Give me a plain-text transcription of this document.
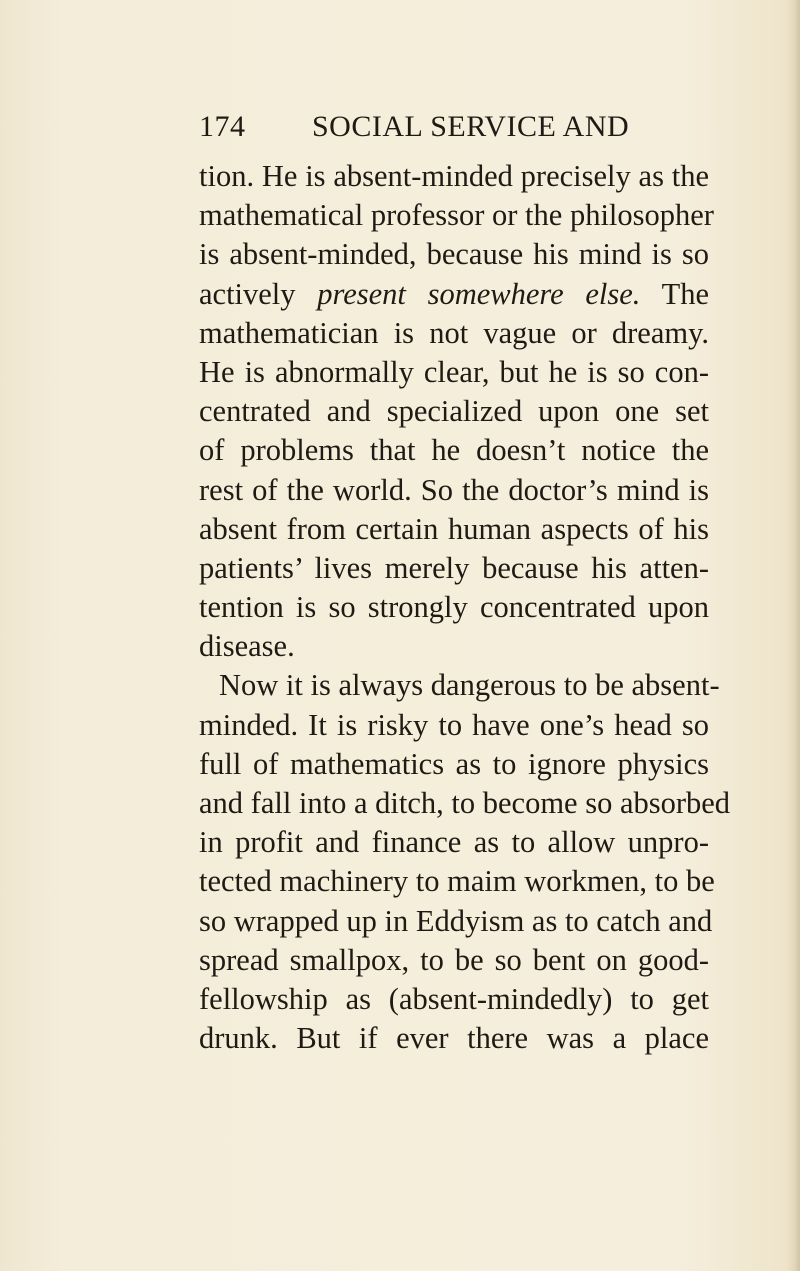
174 SOCIAL SERVICE AND
tion. He is absent-minded precisely as the
mathematical professor or the philosopher
is absent-minded, because his mind is so
actively present somewhere else. The
mathematician is not vague or dreamy.
He is abnormally clear, but he is so con-
centrated and specialized upon one set
of problems that he doesn’t notice the
rest of the world. So the doctor’s mind is
absent from certain human aspects of his
patients’ lives merely because his atten-
tention is so strongly concentrated upon
disease.
Now it is always dangerous to be absent-
minded. It is risky to have one’s head so
full of mathematics as to ignore physics
and fall into a ditch, to become so absorbed
in profit and finance as to allow unpro-
tected machinery to maim workmen, to be
so wrapped up in Eddyism as to catch and
spread smallpox, to be so bent on good-
fellowship as (absent-mindedly) to get
drunk. But if ever there was a place
